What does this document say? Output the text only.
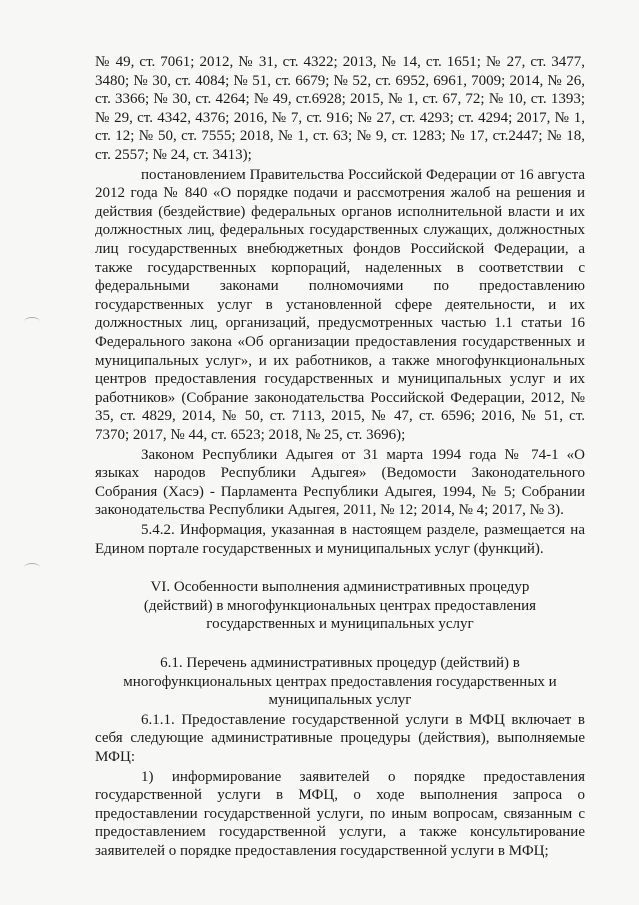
№ 49, ст. 7061; 2012, № 31, ст. 4322; 2013, № 14, ст. 1651; № 27, ст. 3477,
3480; № 30, ст. 4084; № 51, ст. 6679; № 52, ст. 6952, 6961, 7009; 2014, № 26,
ст. 3366; № 30, ст. 4264; № 49, ст.6928; 2015, № 1, ст. 67, 72; № 10, ст. 1393;
№ 29, ст. 4342, 4376; 2016, № 7, ст. 916; № 27, ст. 4293; ст. 4294; 2017, № 1,
ст. 12; № 50, ст. 7555; 2018, № 1, ст. 63; № 9, ст. 1283; № 17, ст.2447; № 18,
ст. 2557; № 24, ст. 3413);
постановлением Правительства Российской Федерации от 16 августа
2012 года № 840 «О порядке подачи и рассмотрения жалоб на решения и
действия (бездействие) федеральных органов исполнительной власти и их
должностных лиц, федеральных государственных служащих, должностных
лиц государственных внебюджетных фондов Российской Федерации, а
также государственных корпораций, наделенных в соответствии с
федеральными законами полномочиями по предоставлению
государственных услуг в установленной сфере деятельности, и их
должностных лиц, организаций, предусмотренных частью 1.1 статьи 16
Федерального закона «Об организации предоставления государственных и
муниципальных услуг», и их работников, а также многофункциональных
центров предоставления государственных и муниципальных услуг и их
работников» (Собрание законодательства Российской Федерации, 2012, №
35, ст. 4829, 2014, № 50, ст. 7113, 2015, № 47, ст. 6596; 2016, № 51, ст.
7370; 2017, № 44, ст. 6523; 2018, № 25, ст. 3696);
Законом Республики Адыгея от 31 марта 1994 года № 74-1 «О
языках народов Республики Адыгея» (Ведомости Законодательного
Собрания (Хасэ) - Парламента Республики Адыгея, 1994, № 5; Собрании
законодательства Республики Адыгея, 2011, № 12; 2014, № 4; 2017, № 3).
5.4.2. Информация, указанная в настоящем разделе, размещается на
Едином портале государственных и муниципальных услуг (функций).
VI. Особенности выполнения административных процедур
(действий) в многофункциональных центрах предоставления
государственных и муниципальных услуг
6.1. Перечень административных процедур (действий) в
многофункциональных центрах предоставления государственных и
муниципальных услуг
6.1.1. Предоставление государственной услуги в МФЦ включает в
себя следующие административные процедуры (действия), выполняемые
МФЦ:
1) информирование заявителей о порядке предоставления
государственной услуги в МФЦ, о ходе выполнения запроса о
предоставлении государственной услуги, по иным вопросам, связанным с
предоставлением государственной услуги, а также консультирование
заявителей о порядке предоставления государственной услуги в МФЦ;
